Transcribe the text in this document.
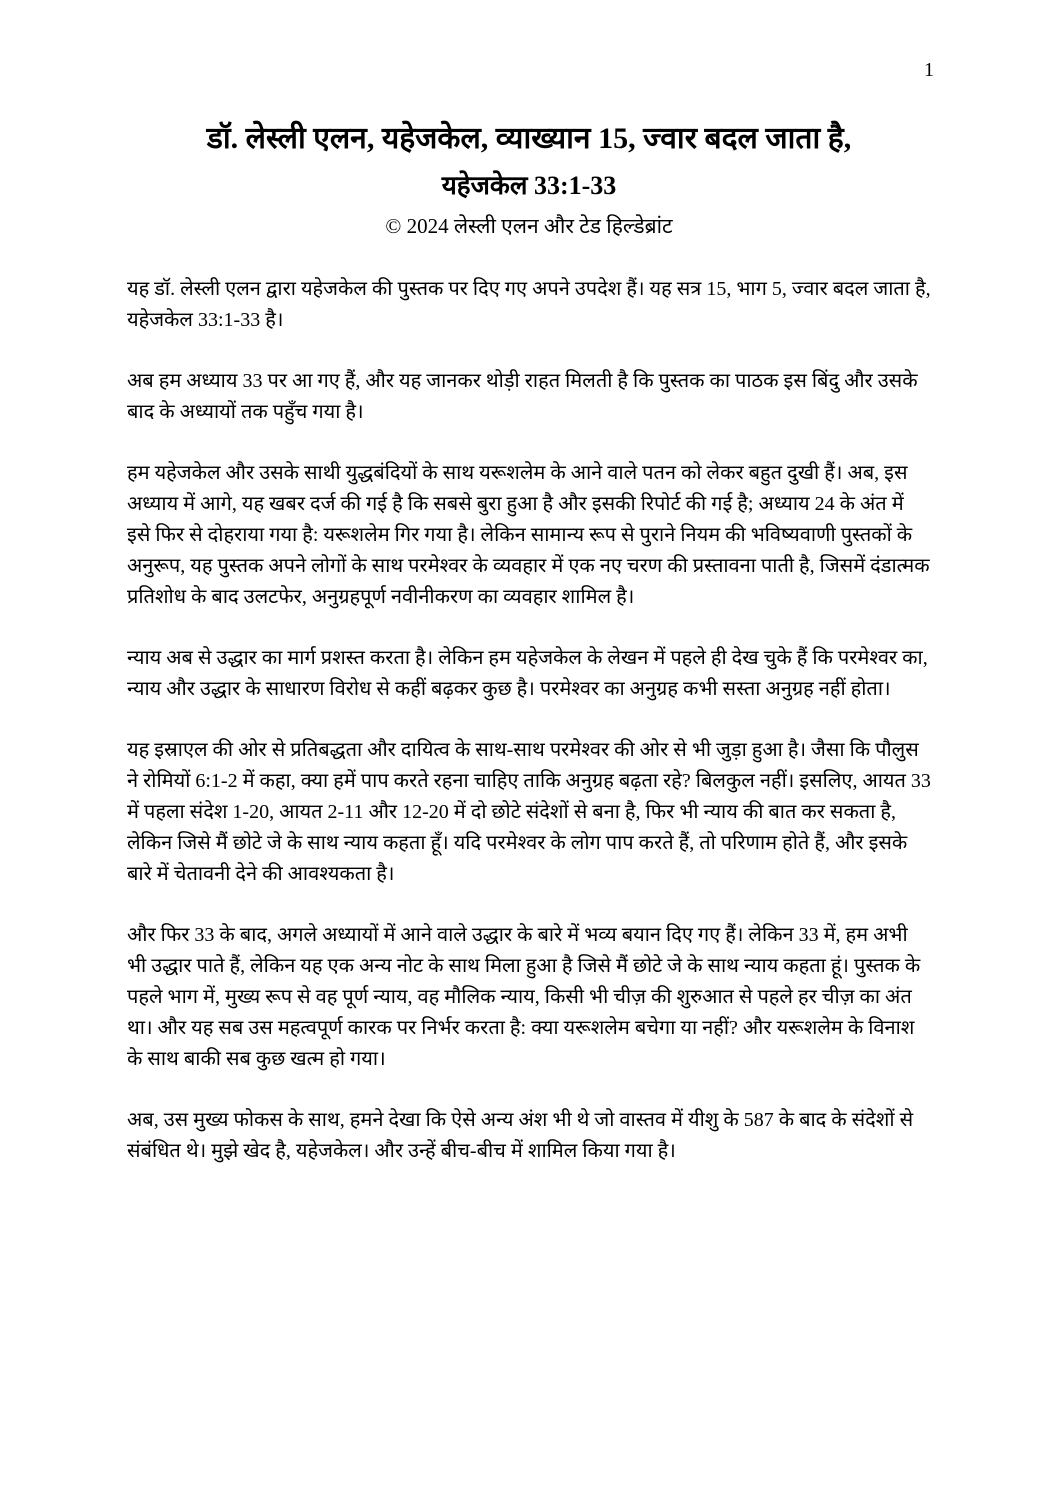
1
डॉ. लेस्ली एलन, यहेजकेल, व्याख्यान 15, ज्वार बदल जाता है,
यहेजकेल 33:1-33
© 2024 लेस्ली एलन और टेड हिल्डेब्रांट

यह डॉ. लेस्ली एलन द्वारा यहेजकेल की पुस्तक पर दिए गए अपने उपदेश हैं। यह सत्र 15, भाग 5, ज्वार बदल जाता है, यहेजकेल 33:1-33 है।

अब हम अध्याय 33 पर आ गए हैं, और यह जानकर थोड़ी राहत मिलती है कि पुस्तक का पाठक इस बिंदु और उसके बाद के अध्यायों तक पहुँच गया है।

हम यहेजकेल और उसके साथी युद्धबंदियों के साथ यरूशलेम के आने वाले पतन को लेकर बहुत दुखी हैं। अब, इस अध्याय में आगे, यह खबर दर्ज की गई है कि सबसे बुरा हुआ है और इसकी रिपोर्ट की गई है; अध्याय 24 के अंत में इसे फिर से दोहराया गया है: यरूशलेम गिर गया है। लेकिन सामान्य रूप से पुराने नियम की भविष्यवाणी पुस्तकों के अनुरूप, यह पुस्तक अपने लोगों के साथ परमेश्वर के व्यवहार में एक नए चरण की प्रस्तावना पाती है, जिसमें दंडात्मक प्रतिशोध के बाद उलटफेर, अनुग्रहपूर्ण नवीनीकरण का व्यवहार शामिल है।

न्याय अब से उद्धार का मार्ग प्रशस्त करता है। लेकिन हम यहेजकेल के लेखन में पहले ही देख चुके हैं कि परमेश्वर का, न्याय और उद्धार के साधारण विरोध से कहीं बढ़कर कुछ है। परमेश्वर का अनुग्रह कभी सस्ता अनुग्रह नहीं होता।

यह इस्राएल की ओर से प्रतिबद्धता और दायित्व के साथ-साथ परमेश्वर की ओर से भी जुड़ा हुआ है। जैसा कि पौलुस ने रोमियों 6:1-2 में कहा, क्या हमें पाप करते रहना चाहिए ताकि अनुग्रह बढ़ता रहे? बिलकुल नहीं। इसलिए, आयत 33 में पहला संदेश 1-20, आयत 2-11 और 12-20 में दो छोटे संदेशों से बना है, फिर भी न्याय की बात कर सकता है, लेकिन जिसे मैं छोटे जे के साथ न्याय कहता हूँ। यदि परमेश्वर के लोग पाप करते हैं, तो परिणाम होते हैं, और इसके बारे में चेतावनी देने की आवश्यकता है।

और फिर 33 के बाद, अगले अध्यायों में आने वाले उद्धार के बारे में भव्य बयान दिए गए हैं। लेकिन 33 में, हम अभी भी उद्धार पाते हैं, लेकिन यह एक अन्य नोट के साथ मिला हुआ है जिसे मैं छोटे जे के साथ न्याय कहता हूं। पुस्तक के पहले भाग में, मुख्य रूप से वह पूर्ण न्याय, वह मौलिक न्याय, किसी भी चीज़ की शुरुआत से पहले हर चीज़ का अंत था। और यह सब उस महत्वपूर्ण कारक पर निर्भर करता है: क्या यरूशलेम बचेगा या नहीं? और यरूशलेम के विनाश के साथ बाकी सब कुछ खत्म हो गया।

अब, उस मुख्य फोकस के साथ, हमने देखा कि ऐसे अन्य अंश भी थे जो वास्तव में यीशु के 587 के बाद के संदेशों से संबंधित थे। मुझे खेद है, यहेजकेल। और उन्हें बीच-बीच में शामिल किया गया है।
